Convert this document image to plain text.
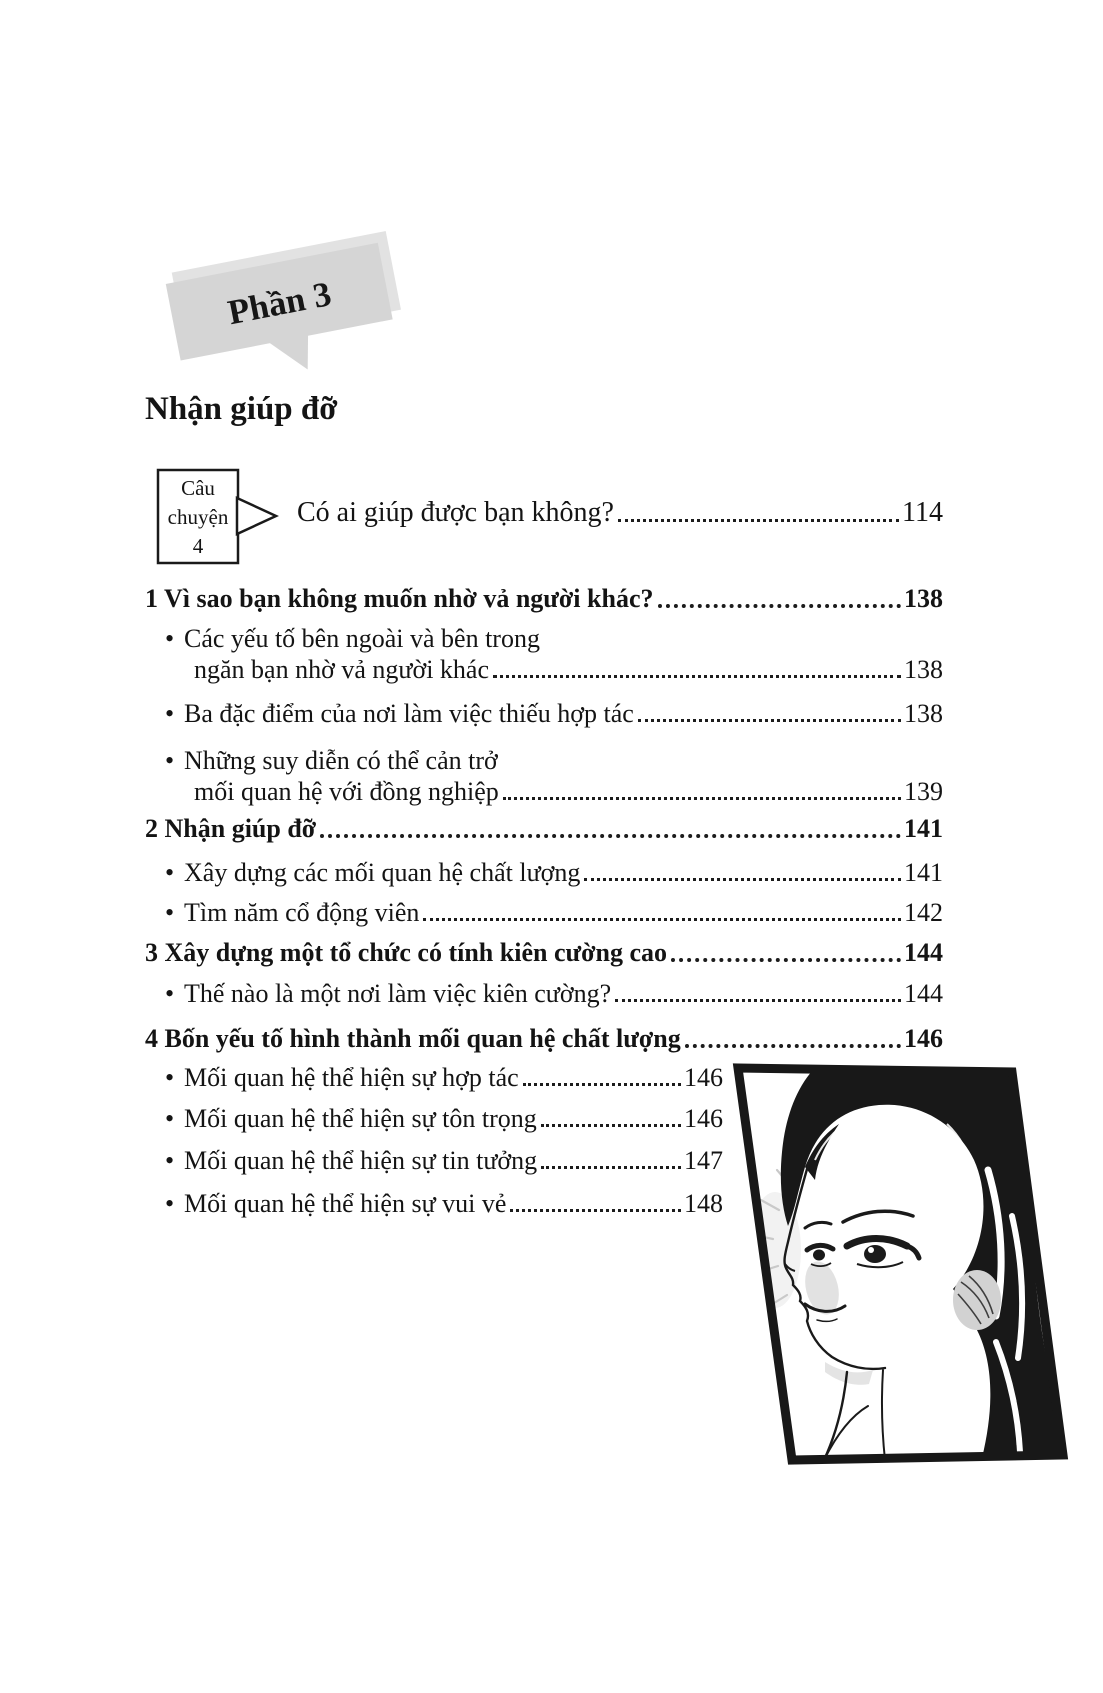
Phần 3
Nhận giúp đỡ
Câu
chuyện
4
Có ai giúp được bạn không?	114
1 Vì sao bạn không muốn nhờ vả người khác?	138
•
Các yếu tố bên ngoài và bên trong
ngăn bạn nhờ vả người khác	138
•
Ba đặc điểm của nơi làm việc thiếu hợp tác	138
•
Những suy diễn có thể cản trở
mối quan hệ với đồng nghiệp	139
2 Nhận giúp đỡ	141
•
Xây dựng các mối quan hệ chất lượng	141
•
Tìm năm cổ động viên	142
3 Xây dựng một tổ chức có tính kiên cường cao	144
•
Thế nào là một nơi làm việc kiên cường?	144
4 Bốn yếu tố hình thành mối quan hệ chất lượng	146
•
Mối quan hệ thể hiện sự hợp tác	146
•
Mối quan hệ thể hiện sự tôn trọng	146
•
Mối quan hệ thể hiện sự tin tưởng	147
•
Mối quan hệ thể hiện sự vui vẻ	148
